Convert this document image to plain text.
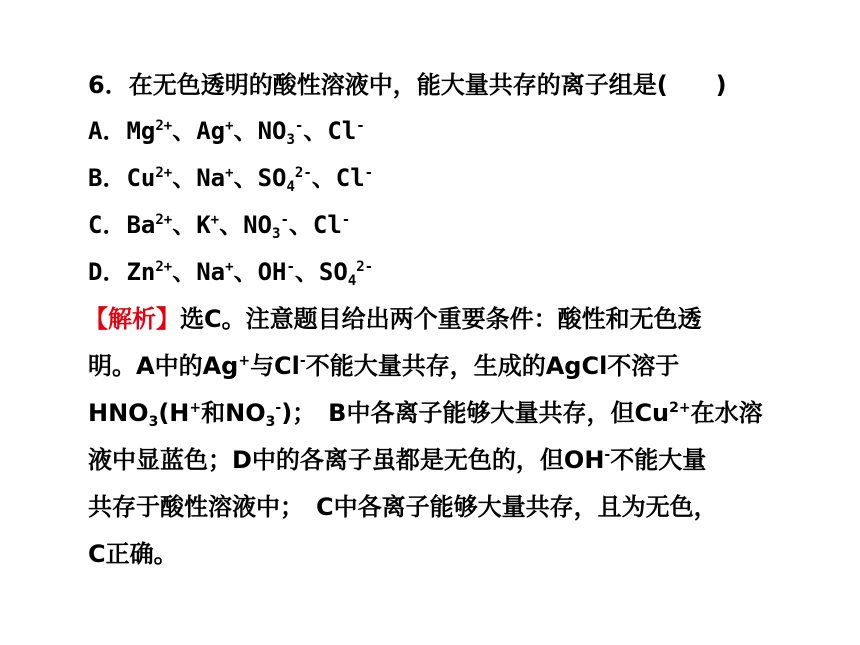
6．在无色透明的酸性溶液中，能大量共存的离子组是(　　)
A．$Mg^{2+}$、Ag+、$NO_3^-$、Cl-
B．$Cu^{2+}$、Na+、$SO_4^{2-}$、Cl-
C．$Ba^{2+}$、K+、$NO_3^-$、Cl-
D．$Zn^{2+}$、Na+、OH-、$SO_4^{2-}$
【解析】选C。注意题目给出两个重要条件：酸性和无色透
明。A中的Ag+与Cl-不能大量共存，生成的AgCl不溶于
$HNO_3(H^+$和$NO_3^-$)；　B中各离子能够大量共存，但$Cu^{2+}$在水溶
液中显蓝色；D中的各离子虽都是无色的，但OH-不能大量
共存于酸性溶液中；　C中各离子能够大量共存，且为无色，
C正确。
